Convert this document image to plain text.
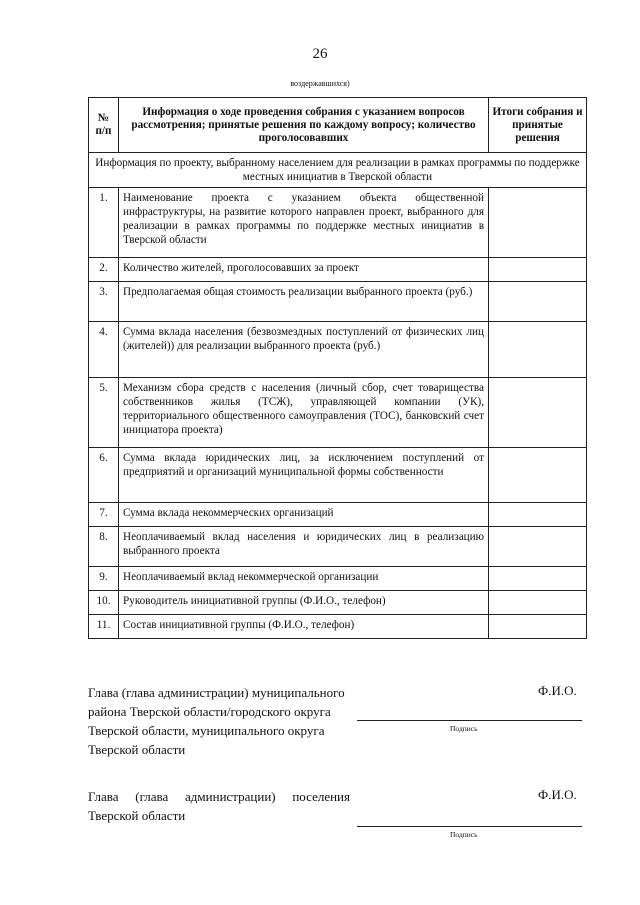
26
воздержавшихся)
№ п/п	Информация о ходе проведения собрания с указанием вопросов рассмотрения; принятые решения по каждому вопросу; количество проголосовавших	Итоги собрания и принятые решения
Информация по проекту, выбранному населением для реализации в рамках программы по поддержке местных инициатив в Тверской области		
1.	Наименование проекта с указанием объекта общественной инфраструктуры, на развитие которого направлен проект, выбранного для реализации в рамках программы по поддержке местных инициатив в Тверской области	
2.	Количество жителей, проголосовавших за проект	
3.	Предполагаемая общая стоимость реализации выбранного проекта (руб.)	
4.	Сумма вклада населения (безвозмездных поступлений от физических лиц (жителей)) для реализации выбранного проекта (руб.)	
5.	Механизм сбора средств с населения (личный сбор, счет товарищества собственников жилья (ТСЖ), управляющей компании (УК), территориального общественного самоуправления (ТОС), банковский счет инициатора проекта)	
6.	Сумма вклада юридических лиц, за исключением поступлений от предприятий и организаций муниципальной формы собственности	
7.	Сумма вклада некоммерческих организаций	
8.	Неоплачиваемый вклад населения и юридических лиц в реализацию выбранного проекта	
9.	Неоплачиваемый вклад некоммерческой организации	
10.	Руководитель инициативной группы (Ф.И.О., телефон)	
11.	Состав инициативной группы (Ф.И.О., телефон)	
Глава (глава администрации) муниципального района Тверской области/городского округа Тверской области, муниципального округа Тверской области
Ф.И.О.
Подпись
Глава (глава администрации) поселения Тверской области
Ф.И.О.
Подпись
